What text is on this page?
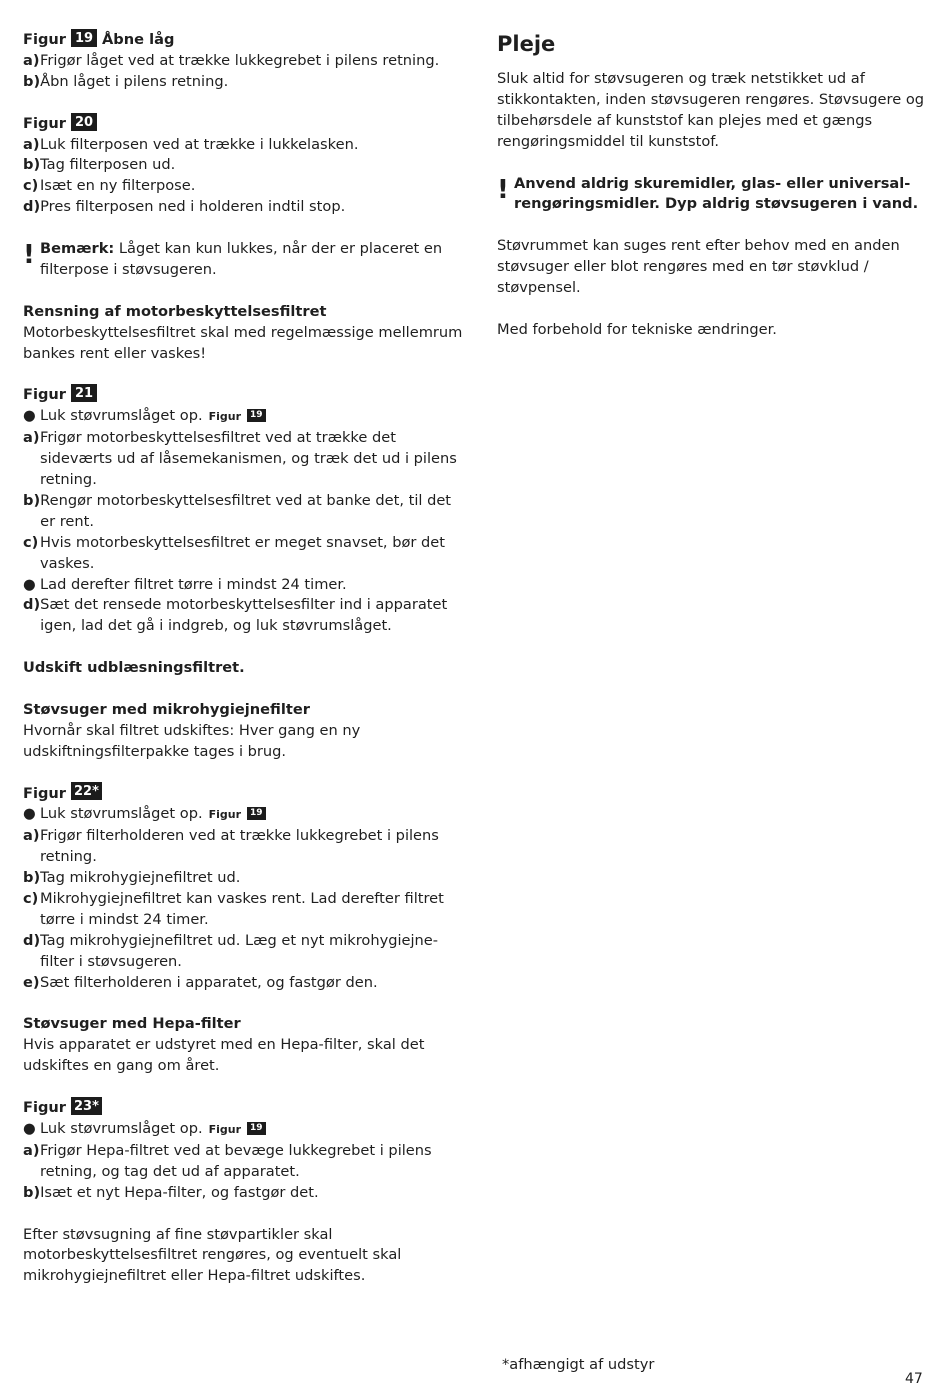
Figur 19 Åbne låg
a) Frigør låget ved at trække lukkegrebet i pilens retning.
b) Åbn låget i pilens retning.
Figur 20
a) Luk filterposen ved at trække i lukkelasken.
b) Tag filterposen ud.
c) Isæt en ny filterpose.
d) Pres filterposen ned i holderen indtil stop.
! Bemærk: Låget kan kun lukkes, når der er placeret en filterpose i støvsugeren.
Rensning af motorbeskyttelsesfiltret
Motorbeskyttelsesfiltret skal med regelmæssige mellemrum bankes rent eller vaskes!
Figur 21
● Luk støvrumslåget op. Figur 19
a) Frigør motorbeskyttelsesfiltret ved at trække det sideværts ud af låsemekanismen, og træk det ud i pilens retning.
b) Rengør motorbeskyttelsesfiltret ved at banke det, til det er rent.
c) Hvis motorbeskyttelsesfiltret er meget snavset, bør det vaskes.
● Lad derefter filtret tørre i mindst 24 timer.
d) Sæt det rensede motorbeskyttelsesfilter ind i apparatet igen, lad det gå i indgreb, og luk støvrumslåget.
Udskift udblæsningsfiltret.
Støvsuger med mikrohygiejnefilter
Hvornår skal filtret udskiftes: Hver gang en ny udskiftningsfilterpakke tages i brug.
Figur 22*
● Luk støvrumslåget op. Figur 19
a) Frigør filterholderen ved at trække lukkegrebet i pilens retning.
b) Tag mikrohygiejnefiltret ud.
c) Mikrohygiejnefiltret kan vaskes rent. Lad derefter filtret tørre i mindst 24 timer.
d) Tag mikrohygiejnefiltret ud. Læg et nyt mikrohygiejne-filter i støvsugeren.
e) Sæt filterholderen i apparatet, og fastgør den.
Støvsuger med Hepa-filter
Hvis apparatet er udstyret med en Hepa-filter, skal det udskiftes en gang om året.
Figur 23*
● Luk støvrumslåget op. Figur 19
a) Frigør Hepa-filtret ved at bevæge lukkegrebet i pilens retning, og tag det ud af apparatet.
b) Isæt et nyt Hepa-filter, og fastgør det.
Efter støvsugning af fine støvpartikler skal motorbeskyttelsesfiltret rengøres, og eventuelt skal mikrohygiejnefiltret eller Hepa-filtret udskiftes.
Pleje
Sluk altid for støvsugeren og træk netstikket ud af stikkontakten, inden støvsugeren rengøres. Støvsugere og tilbehørsdele af kunststof kan plejes med et gængs rengøringsmiddel til kunststof.
! Anvend aldrig skuremidler, glas- eller universal-rengøringsmidler. Dyp aldrig støvsugeren i vand.
Støvrummet kan suges rent efter behov med en anden støvsuger eller blot rengøres med en tør støvklud / støvpensel.
Med forbehold for tekniske ændringer.
*afhængigt af udstyr
47
